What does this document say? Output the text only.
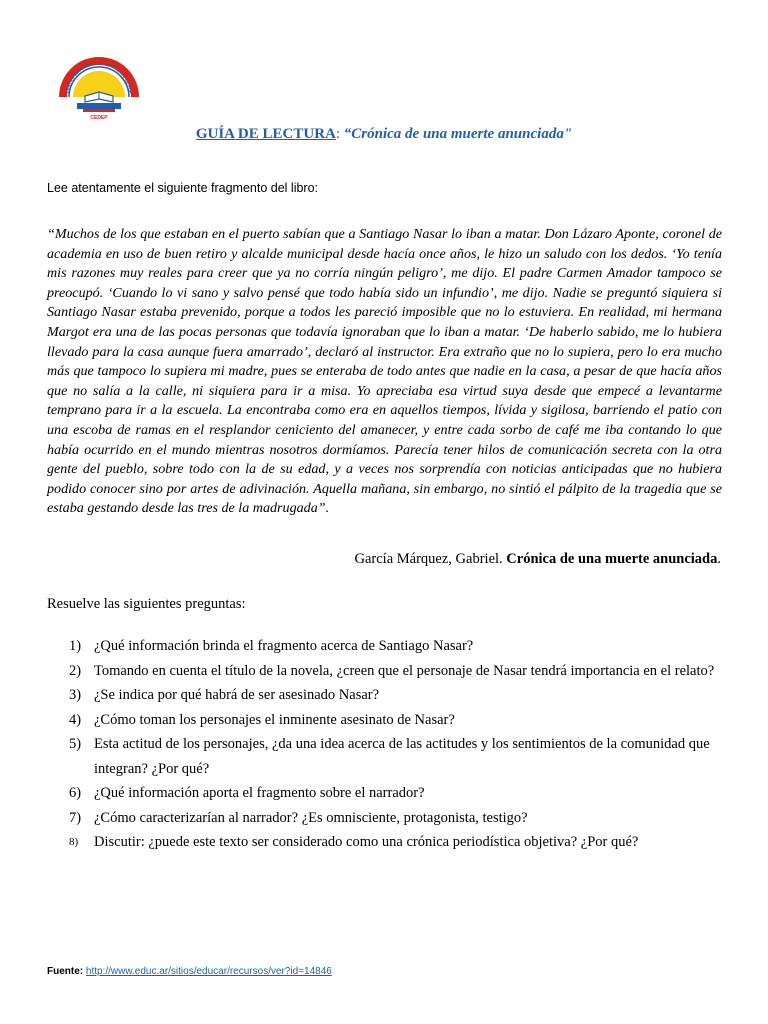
CENTRO EDUCACIONAL EVANGÉLICO DE PUE
CEDEP
GUÍA DE LECTURA: “Crónica de una muerte anunciada"
Lee atentamente el siguiente fragmento del libro:
“Muchos de los que estaban en el puerto sabían que a Santiago Nasar lo iban a matar. Don Lázaro Aponte, coronel de academia en uso de buen retiro y alcalde municipal desde hacía once años, le hizo un saludo con los dedos. ‘Yo tenía mis razones muy reales para creer que ya no corría ningún peligro’, me dijo. El padre Carmen Amador tampoco se preocupó. ‘Cuando lo vi sano y salvo pensé que todo había sido un infundio’, me dijo. Nadie se preguntó siquiera si Santiago Nasar estaba prevenido, porque a todos les pareció imposible que no lo estuviera. En realidad, mi hermana Margot era una de las pocas personas que todavía ignoraban que lo iban a matar. ‘De haberlo sabido, me lo hubiera llevado para la casa aunque fuera amarrado’, declaró al instructor. Era extraño que no lo supiera, pero lo era mucho más que tampoco lo supiera mi madre, pues se enteraba de todo antes que nadie en la casa, a pesar de que hacía años que no salía a la calle, ni siquiera para ir a misa. Yo apreciaba esa virtud suya desde que empecé a levantarme temprano para ir a la escuela. La encontraba como era en aquellos tiempos, lívida y sigilosa, barriendo el patio con una escoba de ramas en el resplandor ceniciento del amanecer, y entre cada sorbo de café me iba contando lo que había ocurrido en el mundo mientras nosotros dormíamos. Parecía tener hilos de comunicación secreta con la otra gente del pueblo, sobre todo con la de su edad, y a veces nos sorprendía con noticias anticipadas que no hubiera podido conocer sino por artes de adivinación. Aquella mañana, sin embargo, no sintió el pálpito de la tragedia que se estaba gestando desde las tres de la madrugada”.
García Márquez, Gabriel. Crónica de una muerte anunciada.
Resuelve las siguientes preguntas:
1) ¿Qué información brinda el fragmento acerca de Santiago Nasar?
2) Tomando en cuenta el título de la novela, ¿creen que el personaje de Nasar tendrá importancia en el relato?
3) ¿Se indica por qué habrá de ser asesinado Nasar?
4) ¿Cómo toman los personajes el inminente asesinato de Nasar?
5) Esta actitud de los personajes, ¿da una idea acerca de las actitudes y los sentimientos de la comunidad que integran? ¿Por qué?
6) ¿Qué información aporta el fragmento sobre el narrador?
7) ¿Cómo caracterizarían al narrador? ¿Es omnisciente, protagonista, testigo?
8) Discutir: ¿puede este texto ser considerado como una crónica periodística objetiva? ¿Por qué?
Fuente: http://www.educ.ar/sitios/educar/recursos/ver?id=14846
